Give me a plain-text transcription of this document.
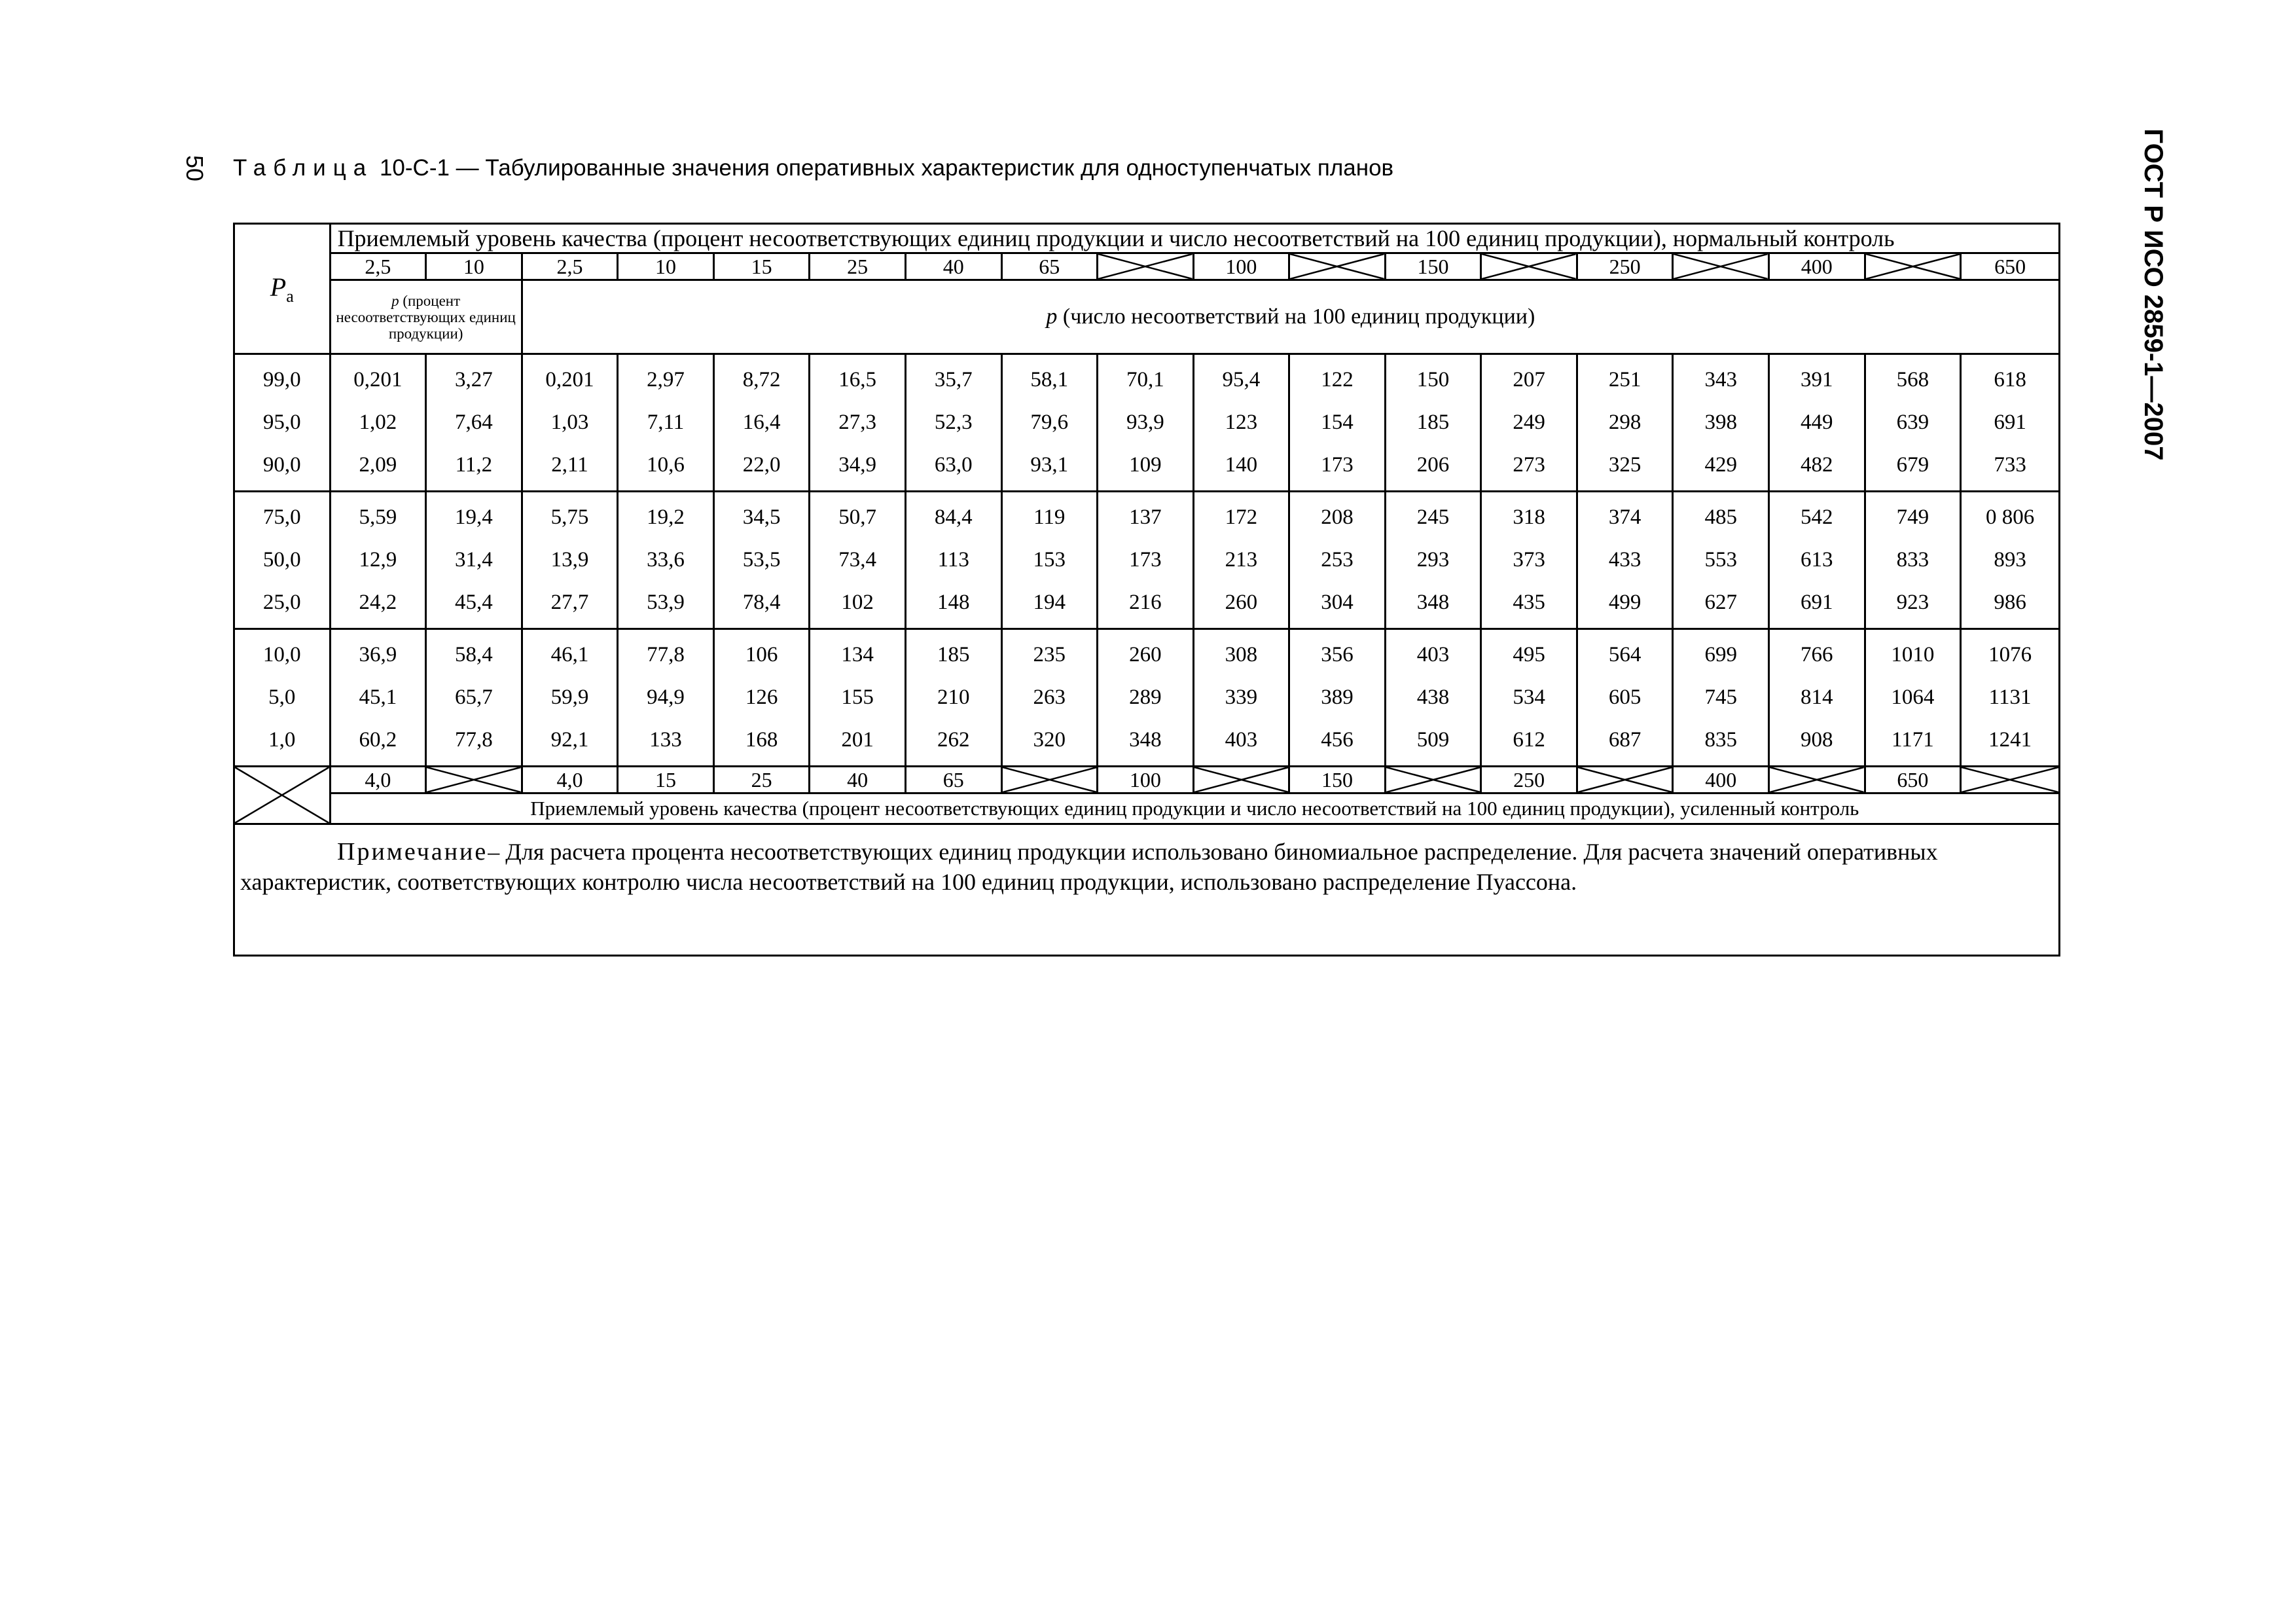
50	ГОСТ Р ИСО 2859-1—2007
Таблица 10-С-1 — Табулированные значения оперативных характеристик для одноступенчатых планов
$P_a$	Приемлемый уровень качества (процент несоответствующих единиц продукции и число несоответствий на 100 единиц продукции), нормальный контроль																	
	2,5	10	2,5	10	15	25	40	65		100		150		250		400		650
	p (процент несоответствующих единиц продукции)		p (число несоответствий на 100 единиц продукции)															
99,0	0,201	3,27	0,201	2,97	8,72	16,5	35,7	58,1	70,1	95,4	122	150	207	251	343	391	568	618
95,0	1,02	7,64	1,03	7,11	16,4	27,3	52,3	79,6	93,9	123	154	185	249	298	398	449	639	691
90,0	2,09	11,2	2,11	10,6	22,0	34,9	63,0	93,1	109	140	173	206	273	325	429	482	679	733
75,0	5,59	19,4	5,75	19,2	34,5	50,7	84,4	119	137	172	208	245	318	374	485	542	749	0 806
50,0	12,9	31,4	13,9	33,6	53,5	73,4	113	153	173	213	253	293	373	433	553	613	833	893
25,0	24,2	45,4	27,7	53,9	78,4	102	148	194	216	260	304	348	435	499	627	691	923	986
10,0	36,9	58,4	46,1	77,8	106	134	185	235	260	308	356	403	495	564	699	766	1010	1076
5,0	45,1	65,7	59,9	94,9	126	155	210	263	289	339	389	438	534	605	745	814	1064	1131
1,0	60,2	77,8	92,1	133	168	201	262	320	348	403	456	509	612	687	835	908	1171	1241

	4,0		4,0	15	25	40	65		100		150		250		400		650	

	Приемлемый уровень качества (процент несоответствующих единиц продукции и число несоответствий на 100 единиц продукции), усиленный контроль																	

Примечание– Для расчета процента несоответствующих единиц продукции использовано биномиальное распределение. Для расчета значений оперативных характеристик, соответствующих контролю числа несоответствий на 100 единиц продукции, использовано распределение Пуассона.																		
